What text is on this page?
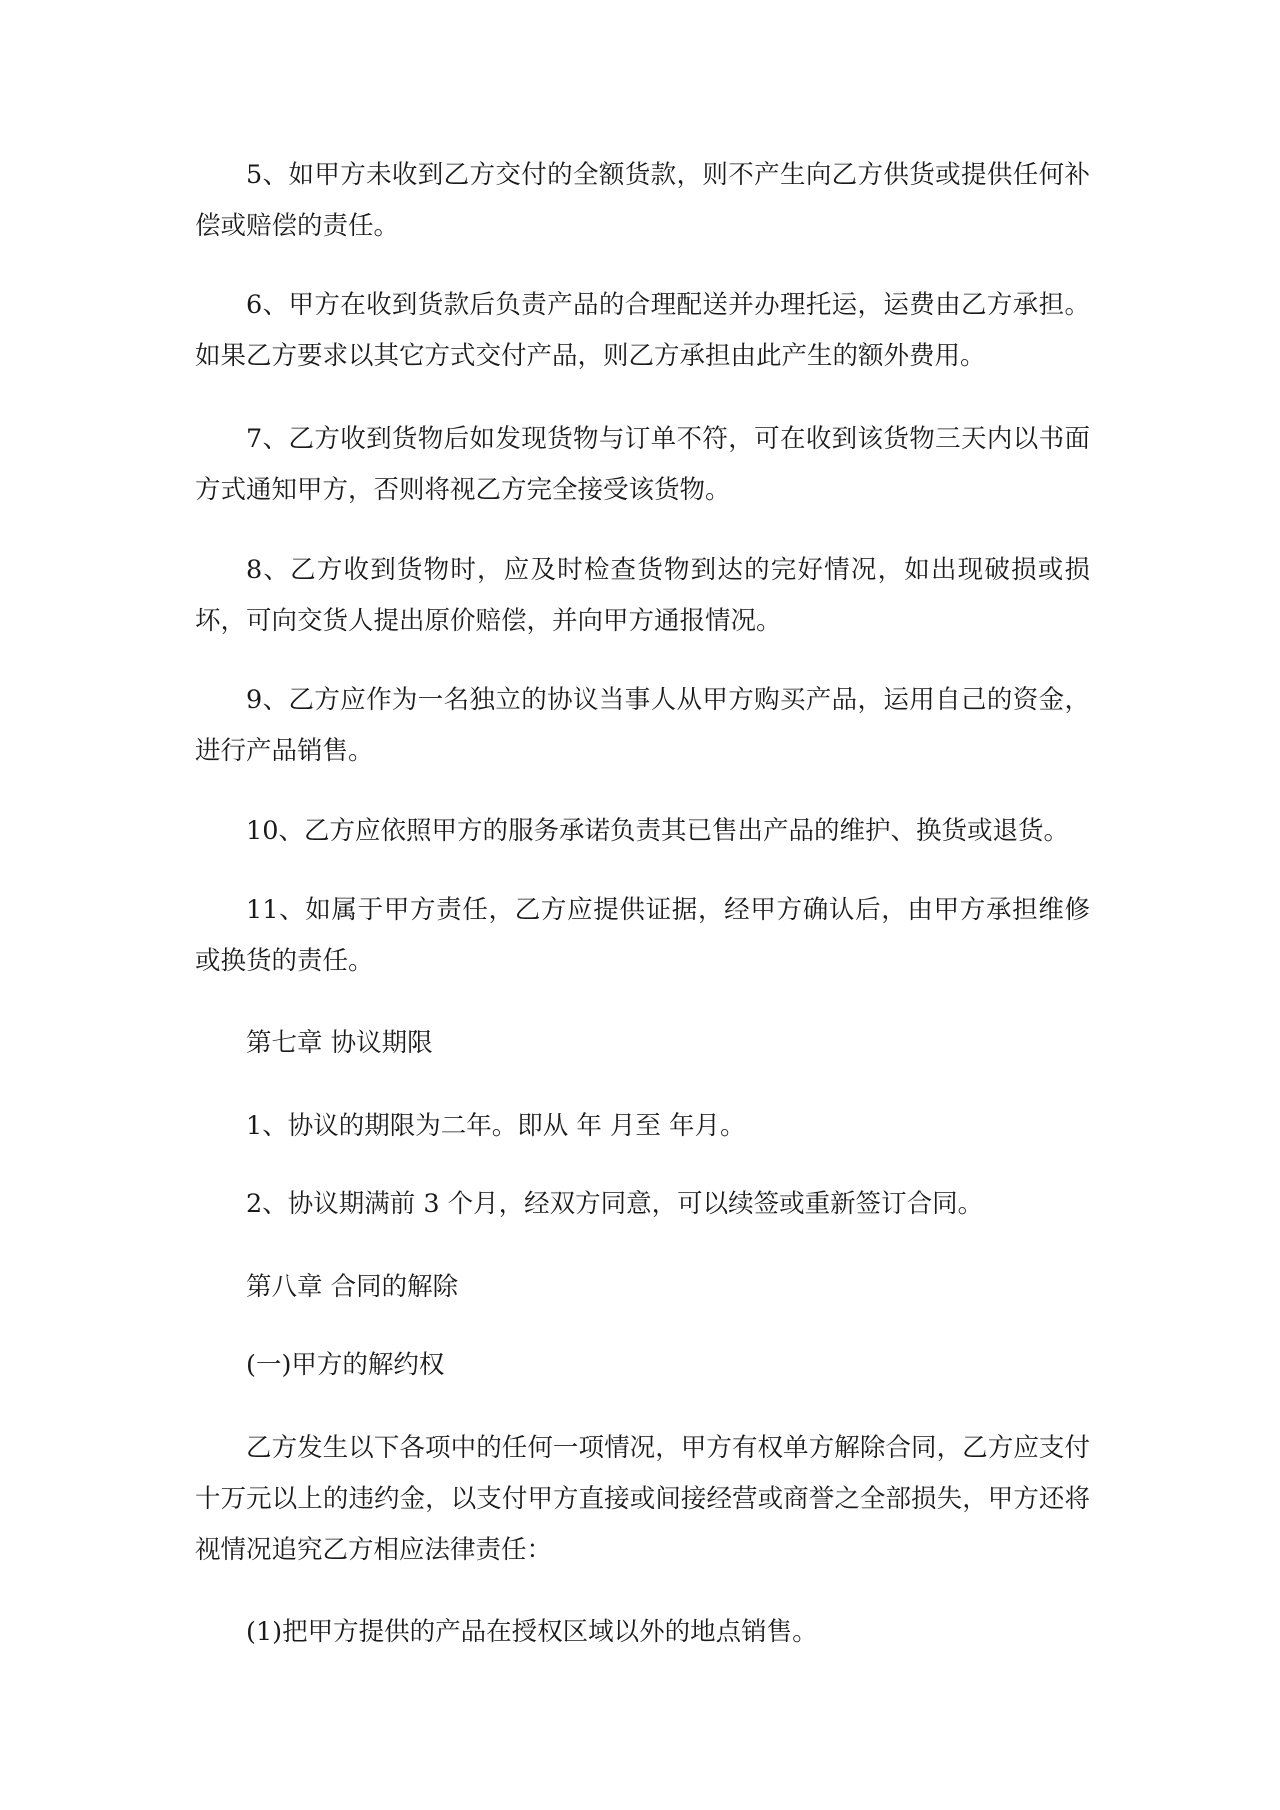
5、如甲方未收到乙方交付的全额货款，则不产生向乙方供货或提供任何补偿或赔偿的责任。

6、甲方在收到货款后负责产品的合理配送并办理托运，运费由乙方承担。如果乙方要求以其它方式交付产品，则乙方承担由此产生的额外费用。

7、乙方收到货物后如发现货物与订单不符，可在收到该货物三天内以书面方式通知甲方，否则将视乙方完全接受该货物。

8、乙方收到货物时，应及时检查货物到达的完好情况，如出现破损或损坏，可向交货人提出原价赔偿，并向甲方通报情况。

9、乙方应作为一名独立的协议当事人从甲方购买产品，运用自己的资金，进行产品销售。

10、乙方应依照甲方的服务承诺负责其已售出产品的维护、换货或退货。

11、如属于甲方责任，乙方应提供证据，经甲方确认后，由甲方承担维修或换货的责任。

第七章 协议期限

1、协议的期限为二年。即从 年 月至 年月。

2、协议期满前 3 个月，经双方同意，可以续签或重新签订合同。

第八章 合同的解除

(一)甲方的解约权

乙方发生以下各项中的任何一项情况，甲方有权单方解除合同，乙方应支付十万元以上的违约金，以支付甲方直接或间接经营或商誉之全部损失，甲方还将视情况追究乙方相应法律责任：

(1)把甲方提供的产品在授权区域以外的地点销售。
